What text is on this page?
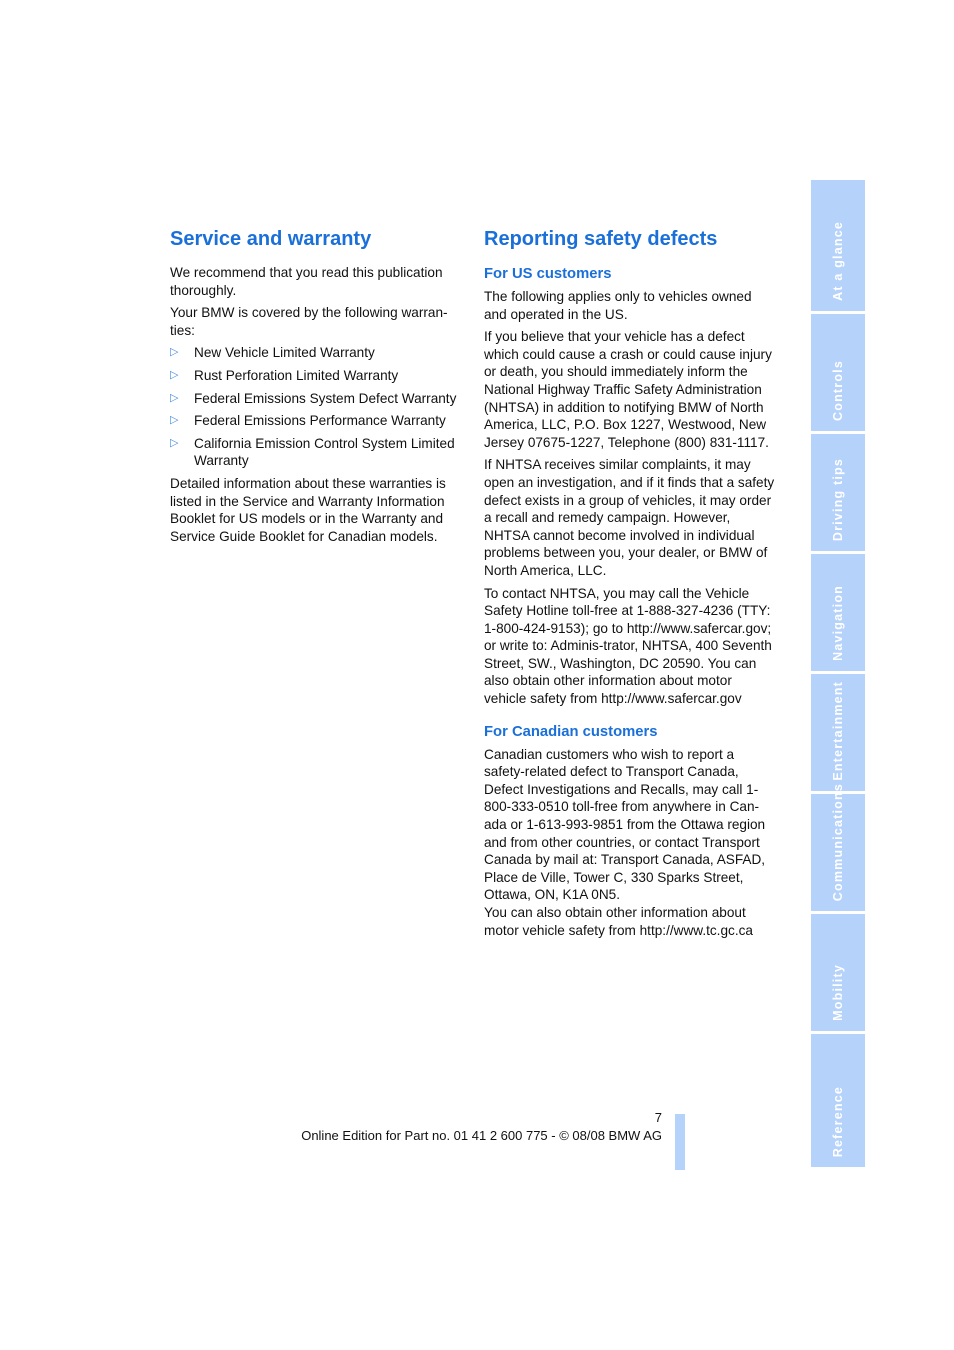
Service and warranty

We recommend that you read this publication thoroughly.

Your BMW is covered by the following warran-ties:

▷ New Vehicle Limited Warranty
▷ Rust Perforation Limited Warranty
▷ Federal Emissions System Defect Warranty
▷ Federal Emissions Performance Warranty
▷ California Emission Control System Limited Warranty

Detailed information about these warranties is listed in the Service and Warranty Information Booklet for US models or in the Warranty and Service Guide Booklet for Canadian models.

Reporting safety defects
For US customers

The following applies only to vehicles owned and operated in the US.

If you believe that your vehicle has a defect which could cause a crash or could cause injury or death, you should immediately inform the National Highway Traffic Safety Administration (NHTSA) in addition to notifying BMW of North America, LLC, P.O. Box 1227, Westwood, New Jersey 07675-1227, Telephone (800) 831-1117.

If NHTSA receives similar complaints, it may open an investigation, and if it finds that a safety defect exists in a group of vehicles, it may order a recall and remedy campaign. However, NHTSA cannot become involved in individual problems between you, your dealer, or BMW of North America, LLC.

To contact NHTSA, you may call the Vehicle Safety Hotline toll-free at 1-888-327-4236 (TTY: 1-800-424-9153); go to http://www.safercar.gov; or write to: Adminis-trator, NHTSA, 400 Seventh Street, SW., Washington, DC 20590. You can also obtain other information about motor vehicle safety from http://www.safercar.gov

For Canadian customers

Canadian customers who wish to report a safety-related defect to Transport Canada, Defect Investigations and Recalls, may call 1-800-333-0510 toll-free from anywhere in Can-ada or 1-613-993-9851 from the Ottawa region and from other countries, or contact Transport Canada by mail at: Transport Canada, ASFAD, Place de Ville, Tower C, 330 Sparks Street, Ottawa, ON, K1A 0N5.

You can also obtain other information about motor vehicle safety from http://www.tc.gc.ca

At a glance
Controls
Driving tips
Navigation
Entertainment
Communications
Mobility
Reference
7
Online Edition for Part no. 01 41 2 600 775 - © 08/08 BMW AG
